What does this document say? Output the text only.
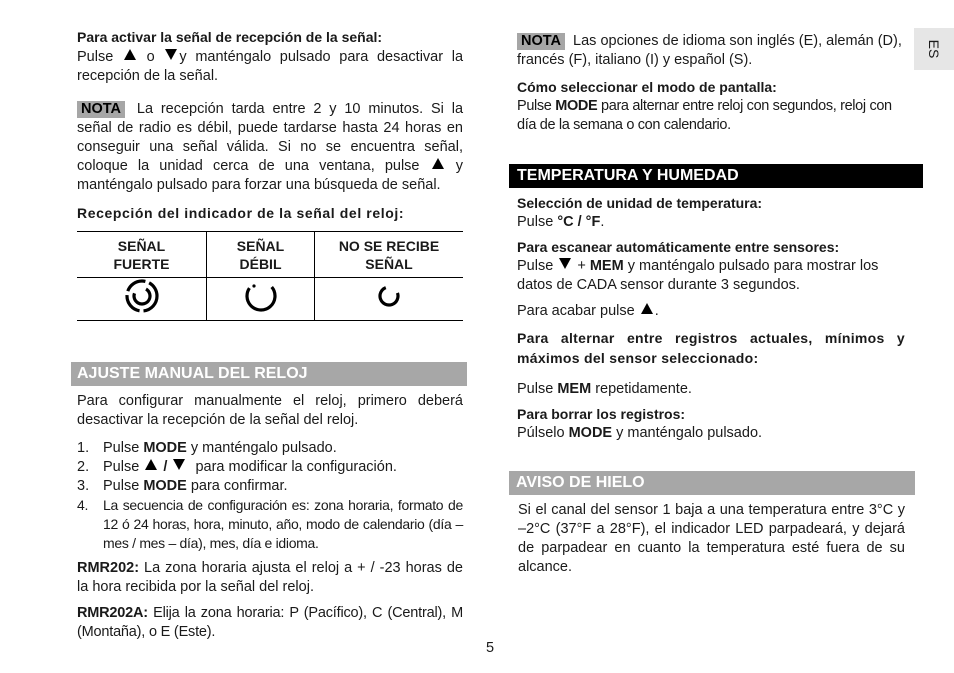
Para activar la señal de recepción de la señal:
Pulse o y manténgalo pulsado para desactivar la recepción de la señal.
NOTA La recepción tarda entre 2 y 10 minutos. Si la señal de radio es débil, puede tardarse hasta 24 horas en conseguir una señal válida. Si no se encuentra señal, coloque la unidad cerca de una ventana, pulse	y manténgalo pulsado para forzar una búsqueda de señal.
Recepción del indicador de la señal del reloj:
SEÑAL FUERTE	SEÑAL DÉBIL	NO SE RECIBE SEÑAL

AJUSTE MANUAL DEL RELOJ
Para configurar manualmente el reloj, primero deberá desactivar la recepción de la señal del reloj.
1. Pulse MODE y manténgalo pulsado.
2. Pulse  / para modificar la configuración.
3. Pulse MODE para confirmar.
4. La secuencia de configuración es: zona horaria, formato de 12 ó 24 horas, hora, minuto, año, modo de calendario (día – mes / mes – día), mes, día e idioma.
RMR202: La zona horaria ajusta el reloj a + / -23 horas de la hora recibida por la señal del reloj.
RMR202A: Elija la zona horaria: P (Pacífico), C (Central), M (Montaña), o E (Este).
NOTA Las opciones de idioma son inglés (E), alemán (D), francés (F), italiano (I) y español (S).
Cómo seleccionar el modo de pantalla:
Pulse MODE para alternar entre reloj con segundos, reloj con día de la semana o con calendario.
TEMPERATURA Y HUMEDAD
Selección de unidad de temperatura:
Pulse °C / °F.
Para escanear automáticamente entre sensores:
Pulse + MEM y manténgalo pulsado para mostrar los datos de CADA sensor durante 3 segundos.
Para acabar pulse .
Para alternar entre registros actuales, mínimos y máximos del sensor seleccionado:
Pulse MEM repetidamente.
Para borrar los registros:
Púlselo MODE y manténgalo pulsado.
AVISO DE HIELO
Si el canal del sensor 1 baja a una temperatura entre 3°C y –2°C (37°F a 28°F), el indicador LED parpadeará, y dejará de parpadear en cuanto la temperatura esté fuera de su alcance.
5
ES
